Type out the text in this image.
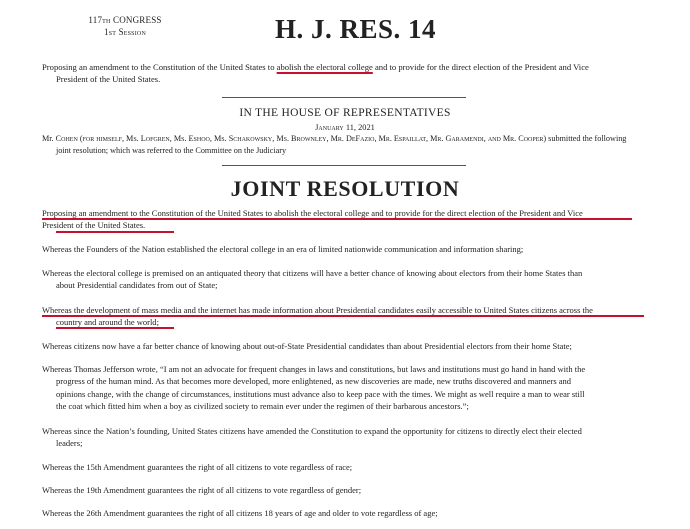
117th CONGRESS
1st Session	H. J. RES. 14
Proposing an amendment to the Constitution of the United States to abolish the electoral college and to provide for the direct election of the President and Vice
President of the United States.
IN THE HOUSE OF REPRESENTATIVES
January 11, 2021
Mr. Cohen (for himself, Ms. Lofgren, Ms. Eshoo, Ms. Schakowsky, Ms. Brownley, Mr. DeFazio, Mr. Espaillat, Mr. Garamendi, and Mr. Cooper) submitted the following
joint resolution; which was referred to the Committee on the Judiciary
JOINT RESOLUTION
Proposing an amendment to the Constitution of the United States to abolish the electoral college and to provide for the direct election of the President and Vice
President of the United States.
Whereas the Founders of the Nation established the electoral college in an era of limited nationwide communication and information sharing;
Whereas the electoral college is premised on an antiquated theory that citizens will have a better chance of knowing about electors from their home States than
about Presidential candidates from out of State;
Whereas the development of mass media and the internet has made information about Presidential candidates easily accessible to United States citizens across the
country and around the world;
Whereas citizens now have a far better chance of knowing about out-of-State Presidential candidates than about Presidential electors from their home State;
Whereas Thomas Jefferson wrote, “I am not an advocate for frequent changes in laws and constitutions, but laws and institutions must go hand in hand with the
progress of the human mind. As that becomes more developed, more enlightened, as new discoveries are made, new truths discovered and manners and
opinions change, with the change of circumstances, institutions must advance also to keep pace with the times. We might as well require a man to wear still
the coat which fitted him when a boy as civilized society to remain ever under the regimen of their barbarous ancestors.”;
Whereas since the Nation’s founding, United States citizens have amended the Constitution to expand the opportunity for citizens to directly elect their elected
leaders;
Whereas the 15th Amendment guarantees the right of all citizens to vote regardless of race;
Whereas the 19th Amendment guarantees the right of all citizens to vote regardless of gender;
Whereas the 26th Amendment guarantees the right of all citizens 18 years of age and older to vote regardless of age;
